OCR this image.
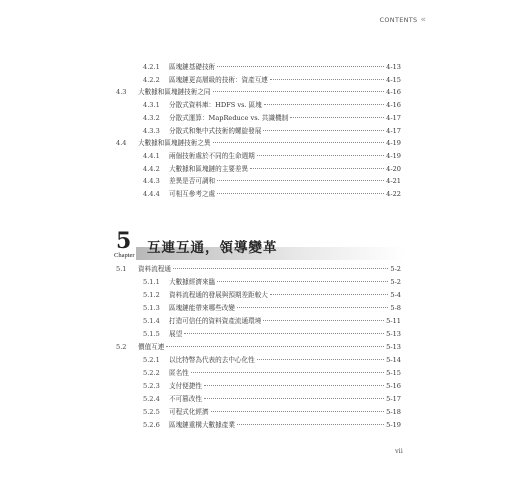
CONTENTS «
4.2.1	區塊鏈基礎技術	4-13
4.2.2	區塊鏈更高層級的技術：資產互連	4-15
4.3	大數據和區塊鏈技術之同	4-16
4.3.1	分散式資料庫：HDFS vs. 區塊	4-16
4.3.2	分散式運算：MapReduce vs. 共識機制	4-17
4.3.3	分散式和集中式技術的螺旋發展	4-17
4.4	大數據和區塊鏈技術之異	4-19
4.4.1	兩個技術處於不同的生命週期	4-19
4.4.2	大數據和區塊鏈的主要差異	4-20
4.4.3	差異是否可調和	4-21
4.4.4	可相互參考之處	4-22
5
Chapter 互連互通，領導變革
5.1	資料流程通	5-2
5.1.1	大數據經濟來臨	5-2
5.1.2	資料流程通的發展與預期差距較大	5-4
5.1.3	區塊鏈能帶來哪些改變	5-8
5.1.4	打造可信任的資料資產流通環境	5-11
5.1.5	展望	5-13
5.2	價值互連	5-13
5.2.1	以比特幣為代表的去中心化性	5-14
5.2.2	匿名性	5-15
5.2.3	支付便捷性	5-16
5.2.4	不可篡改性	5-17
5.2.5	可程式化經濟	5-18
5.2.6	區塊鏈重構大數據產業	5-19
vii
